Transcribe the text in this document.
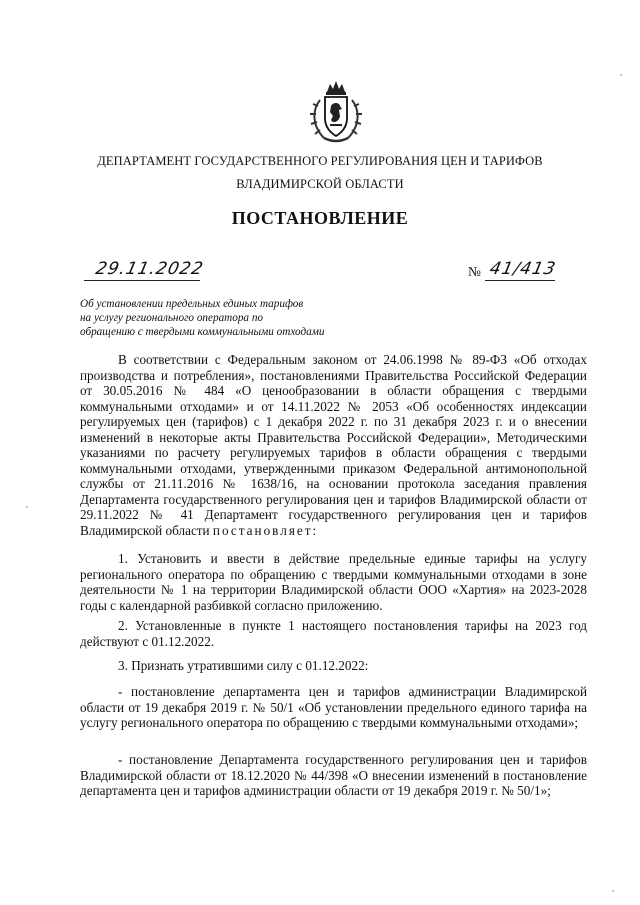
ДЕПАРТАМЕНТ ГОСУДАРСТВЕННОГО РЕГУЛИРОВАНИЯ ЦЕН И ТАРИФОВ
ВЛАДИМИРСКОЙ ОБЛАСТИ
ПОСТАНОВЛЕНИЕ
29.11.2022	№ 41/413
Об установлении предельных единых тарифов
на услугу регионального оператора по
обращению с твердыми коммунальными отходами
В соответствии с Федеральным законом от 24.06.1998 № 89-ФЗ «Об отходах производства и потребления», постановлениями Правительства Российской Федерации от 30.05.2016 № 484 «О ценообразовании в области обращения с твердыми коммунальными отходами» и от 14.11.2022 № 2053 «Об особенностях индексации регулируемых цен (тарифов) с 1 декабря 2022 г. по 31 декабря 2023 г. и о внесении изменений в некоторые акты Правительства Российской Федерации», Методическими указаниями по расчету регулируемых тарифов в области обращения с твердыми коммунальными отходами, утвержденными приказом Федеральной антимонопольной службы от 21.11.2016 № 1638/16, на основании протокола заседания правления Департамента государственного регулирования цен и тарифов Владимирской области от 29.11.2022 № 41 Департамент государственного регулирования цен и тарифов Владимирской области постановляет:
1. Установить и ввести в действие предельные единые тарифы на услугу регионального оператора по обращению с твердыми коммунальными отходами в зоне деятельности № 1 на территории Владимирской области ООО «Хартия» на 2023-2028 годы с календарной разбивкой согласно приложению.
2. Установленные в пункте 1 настоящего постановления тарифы на 2023 год действуют с 01.12.2022.
3. Признать утратившими силу с 01.12.2022:
- постановление департамента цен и тарифов администрации Владимирской области от 19 декабря 2019 г. № 50/1 «Об установлении предельного единого тарифа на услугу регионального оператора по обращению с твердыми коммунальными отходами»;
- постановление Департамента государственного регулирования цен и тарифов Владимирской области от 18.12.2020 № 44/398 «О внесении изменений в постановление департамента цен и тарифов администрации области от 19 декабря 2019 г. № 50/1»;
